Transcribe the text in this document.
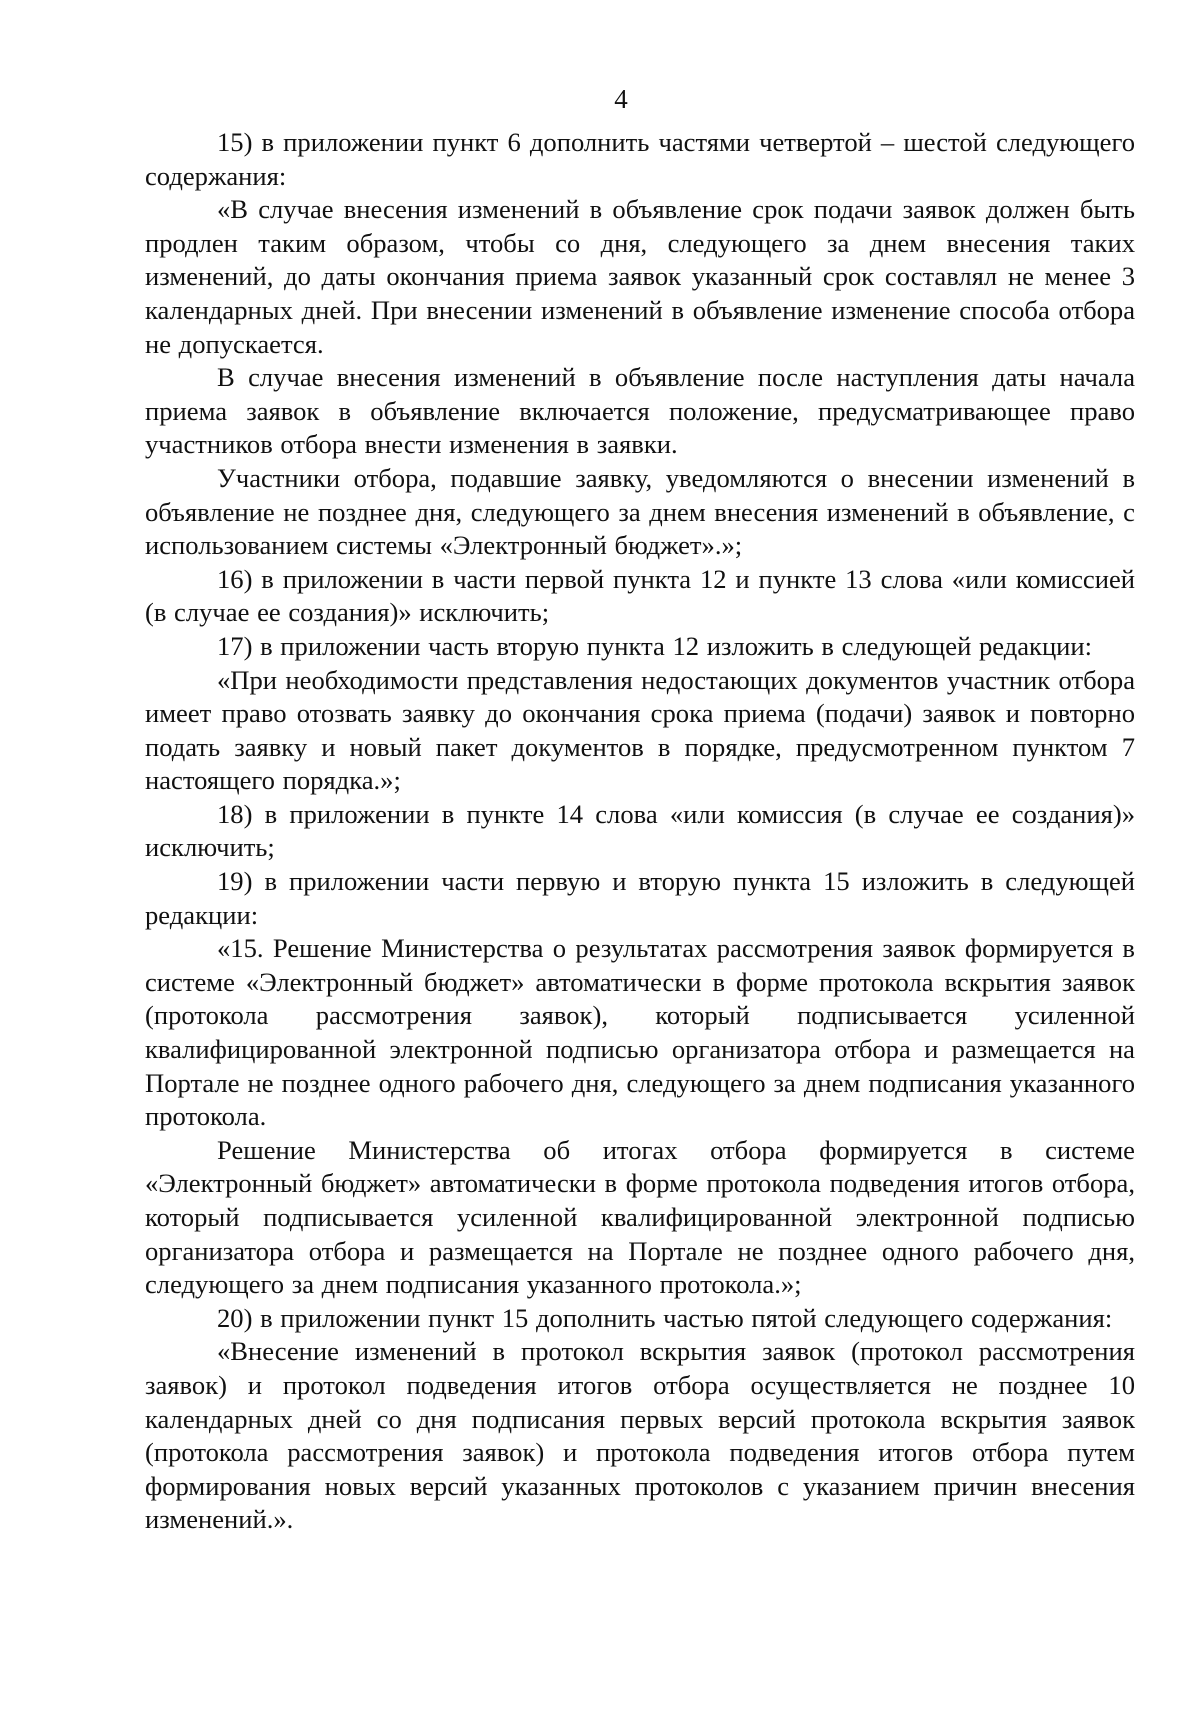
4

15) в приложении пункт 6 дополнить частями четвертой – шестой следующего содержания:

«В случае внесения изменений в объявление срок подачи заявок должен быть продлен таким образом, чтобы со дня, следующего за днем внесения таких изменений, до даты окончания приема заявок указанный срок составлял не менее 3 календарных дней. При внесении изменений в объявление изменение способа отбора не допускается.

В случае внесения изменений в объявление после наступления даты начала приема заявок в объявление включается положение, предусматривающее право участников отбора внести изменения в заявки.

Участники отбора, подавшие заявку, уведомляются о внесении изменений в объявление не позднее дня, следующего за днем внесения изменений в объявление, с использованием системы «Электронный бюджет».»;

16) в приложении в части первой пункта 12 и пункте 13 слова «или комиссией (в случае ее создания)» исключить;

17) в приложении часть вторую пункта 12 изложить в следующей редакции:

«При необходимости представления недостающих документов участник отбора имеет право отозвать заявку до окончания срока приема (подачи) заявок и повторно подать заявку и новый пакет документов в порядке, предусмотренном пунктом 7 настоящего порядка.»;

18) в приложении в пункте 14 слова «или комиссия (в случае ее создания)» исключить;

19) в приложении части первую и вторую пункта 15 изложить в следующей редакции:

«15. Решение Министерства о результатах рассмотрения заявок формируется в системе «Электронный бюджет» автоматически в форме протокола вскрытия заявок (протокола рассмотрения заявок), который подписывается усиленной квалифицированной электронной подписью организатора отбора и размещается на Портале не позднее одного рабочего дня, следующего за днем подписания указанного протокола.

Решение Министерства об итогах отбора формируется в системе «Электронный бюджет» автоматически в форме протокола подведения итогов отбора, который подписывается усиленной квалифицированной электронной подписью организатора отбора и размещается на Портале не позднее одного рабочего дня, следующего за днем подписания указанного протокола.»;

20) в приложении пункт 15 дополнить частью пятой следующего содержания:

«Внесение изменений в протокол вскрытия заявок (протокол рассмотрения заявок) и протокол подведения итогов отбора осуществляется не позднее 10 календарных дней со дня подписания первых версий протокола вскрытия заявок (протокола рассмотрения заявок) и протокола подведения итогов отбора путем формирования новых версий указанных протоколов с указанием причин внесения изменений.».
